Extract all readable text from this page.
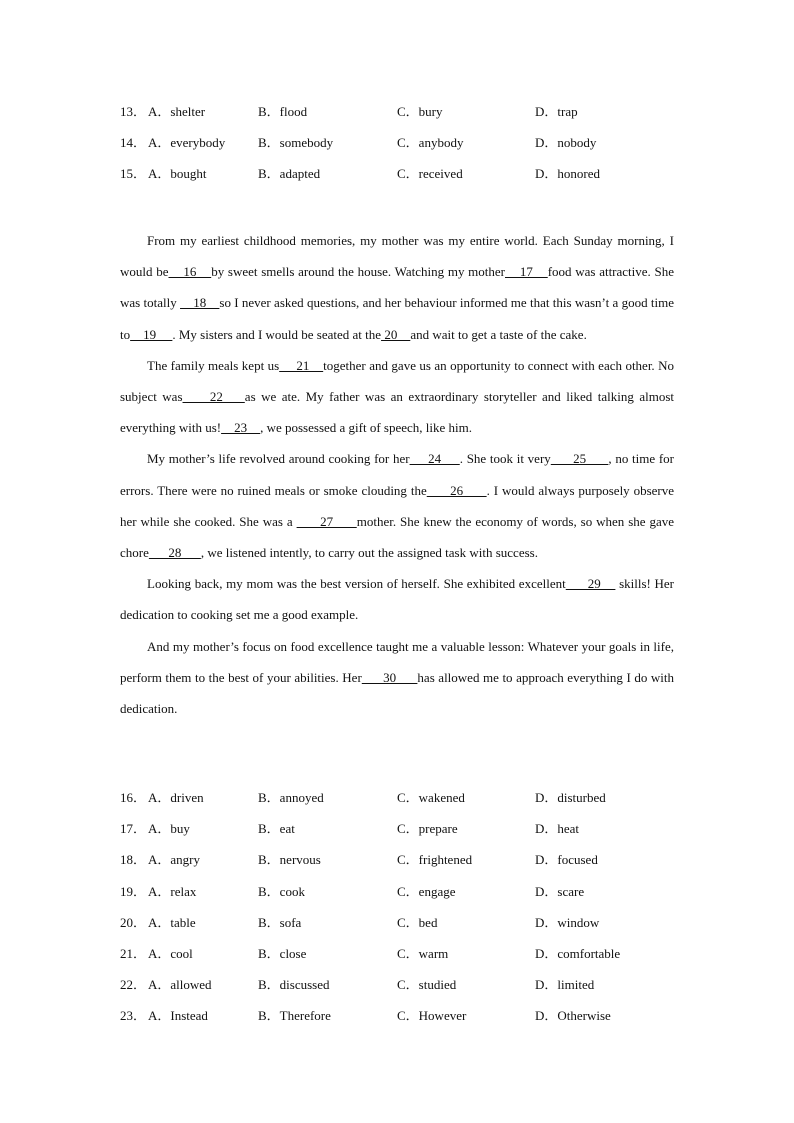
13． A．shelter	B．flood	C．bury	D．trap
14． A．everybody	B．somebody	C．anybody	D．nobody
15． A．bought	B．adapted	C．received	D．honored

From my earliest childhood memories, my mother was my entire world. Each Sunday morning, I would be    16    by sweet smells around the house. Watching my mother    17    food was attractive. She was totally     18    so I never asked questions, and her behaviour informed me that this wasn’t a good time to    19     . My sisters and I would be seated at the 20    and wait to get a taste of the cake.

The family meals kept us     21    together and gave us an opportunity to connect with each other. No subject was     22    as we ate. My father was an extraordinary storyteller and liked talking almost everything with us!    23    , we possessed a gift of speech, like him.

My mother’s life revolved around cooking for her     24     . She took it very      25      , no time for errors. There were no ruined meals or smoke clouding the      26      . I would always purposely observe her while she cooked. She was a       27      mother. She knew the economy of words, so when she gave chore      28      , we listened intently, to carry out the assigned task with success.

Looking back, my mom was the best version of herself. She exhibited excellent      29     skills! Her dedication to cooking set me a good example.

And my mother’s focus on food excellence taught me a valuable lesson: Whatever your goals in life, perform them to the best of your abilities. Her      30      has allowed me to approach everything I do with dedication.

16． A．driven	B．annoyed	C．wakened	D．disturbed
17． A．buy	B．eat	C．prepare	D．heat
18． A．angry	B．nervous	C．frightened	D．focused
19． A．relax	B．cook	C．engage	D．scare
20． A．table	B．sofa	C．bed	D．window
21． A．cool	B．close	C．warm	D．comfortable
22． A．allowed	B．discussed	C．studied	D．limited
23． A．Instead	B．Therefore	C．However	D．Otherwise
